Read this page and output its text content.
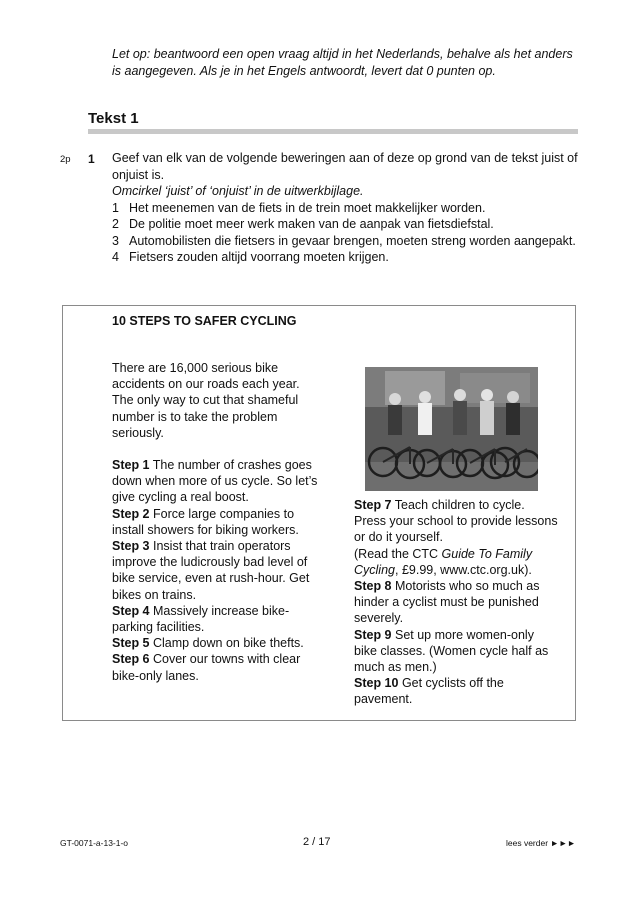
Let op: beantwoord een open vraag altijd in het Nederlands, behalve als het anders is aangegeven. Als je in het Engels antwoordt, levert dat 0 punten op.
Tekst 1
2p 1 Geef van elk van de volgende beweringen aan of deze op grond van de tekst juist of onjuist is.

Omcirkel ‘juist’ of ‘onjuist’ in de uitwerkbijlage.

1 Het meenemen van de fiets in de trein moet makkelijker worden.
2 De politie moet meer werk maken van de aanpak van fietsdiefstal.
3 Automobilisten die fietsers in gevaar brengen, moeten streng worden aangepakt.
4 Fietsers zouden altijd voorrang moeten krijgen.
10 STEPS TO SAFER CYCLING

There are 16,000 serious bike accidents on our roads each year. The only way to cut that shameful number is to take the problem seriously.

Step 1 The number of crashes goes down when more of us cycle. So let’s give cycling a real boost.

Step 2 Force large companies to install showers for biking workers.

Step 3 Insist that train operators improve the ludicrously bad level of bike service, even at rush-hour. Get bikes on trains.

Step 4 Massively increase bike-parking facilities.

Step 5 Clamp down on bike thefts.

Step 6 Cover our towns with clear bike-only lanes.

Step 7 Teach children to cycle. Press your school to provide lessons or do it yourself.

(Read the CTC Guide To Family Cycling, £9.99, www.ctc.org.uk).

Step 8 Motorists who so much as hinder a cyclist must be punished severely.

Step 9 Set up more women-only bike classes. (Women cycle half as much as men.)

Step 10 Get cyclists off the pavement.

GT-0071-a-13-1-o	2 / 17	lees verder ►►►
